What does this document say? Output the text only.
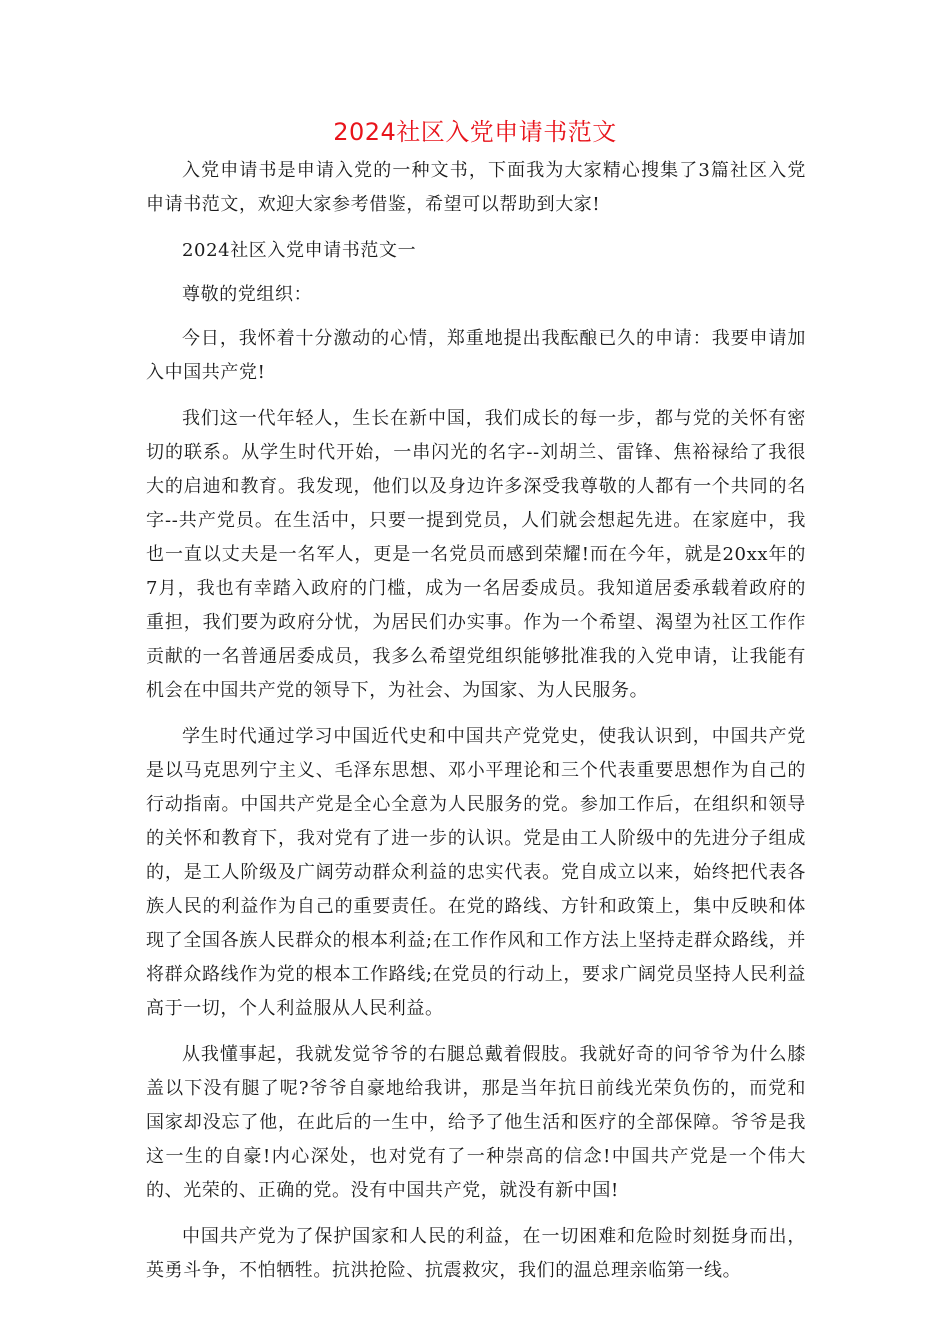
2024社区入党申请书范文

入党申请书是申请入党的一种文书，下面我为大家精心搜集了3篇社区入党申请书范文，欢迎大家参考借鉴，希望可以帮助到大家!

2024社区入党申请书范文一

尊敬的党组织：

今日，我怀着十分激动的心情，郑重地提出我酝酿已久的申请：我要申请加入中国共产党!

我们这一代年轻人，生长在新中国，我们成长的每一步，都与党的关怀有密切的联系。从学生时代开始，一串闪光的名字--刘胡兰、雷锋、焦裕禄给了我很大的启迪和教育。我发现，他们以及身边许多深受我尊敬的人都有一个共同的名字--共产党员。在生活中，只要一提到党员，人们就会想起先进。在家庭中，我也一直以丈夫是一名军人，更是一名党员而感到荣耀!而在今年，就是20xx年的7月，我也有幸踏入政府的门槛，成为一名居委成员。我知道居委承载着政府的重担，我们要为政府分忧，为居民们办实事。作为一个希望、渴望为社区工作作贡献的一名普通居委成员，我多么希望党组织能够批准我的入党申请，让我能有机会在中国共产党的领导下，为社会、为国家、为人民服务。

学生时代通过学习中国近代史和中国共产党党史，使我认识到，中国共产党是以马克思列宁主义、毛泽东思想、邓小平理论和三个代表重要思想作为自己的行动指南。中国共产党是全心全意为人民服务的党。参加工作后，在组织和领导的关怀和教育下，我对党有了进一步的认识。党是由工人阶级中的先进分子组成的，是工人阶级及广阔劳动群众利益的忠实代表。党自成立以来，始终把代表各族人民的利益作为自己的重要责任。在党的路线、方针和政策上，集中反映和体现了全国各族人民群众的根本利益;在工作作风和工作方法上坚持走群众路线，并将群众路线作为党的根本工作路线;在党员的行动上，要求广阔党员坚持人民利益高于一切，个人利益服从人民利益。

从我懂事起，我就发觉爷爷的右腿总戴着假肢。我就好奇的问爷爷为什么膝盖以下没有腿了呢?爷爷自豪地给我讲，那是当年抗日前线光荣负伤的，而党和国家却没忘了他，在此后的一生中，给予了他生活和医疗的全部保障。爷爷是我这一生的自豪!内心深处，也对党有了一种崇高的信念!中国共产党是一个伟大的、光荣的、正确的党。没有中国共产党，就没有新中国!

中国共产党为了保护国家和人民的利益，在一切困难和危险时刻挺身而出，英勇斗争，不怕牺牲。抗洪抢险、抗震救灾，我们的温总理亲临第一线。
